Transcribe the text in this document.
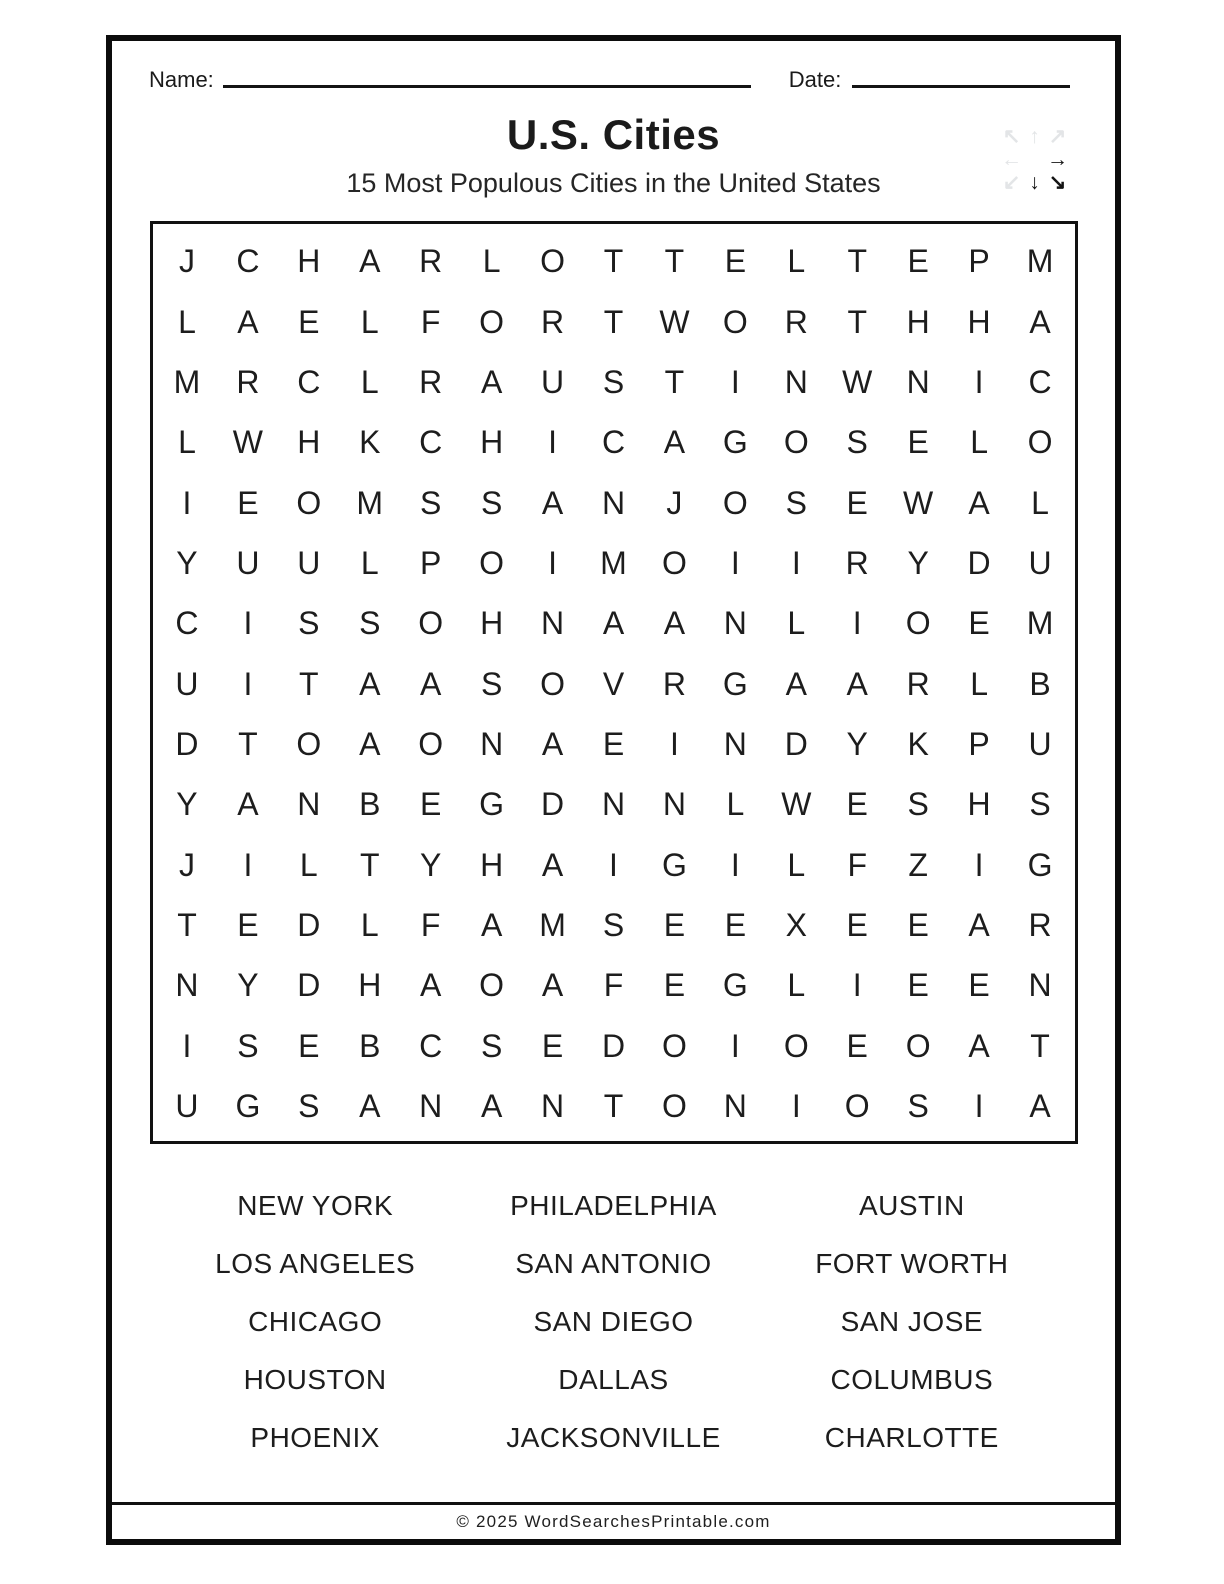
Name:	Date:
U.S. Cities
15 Most Populous Cities in the United States
↖ ↑ ↗
← →
↙ ↓ ↘
J	C	H	A	R	L	O	T	T	E	L	T	E	P	M
L	A	E	L	F	O	R	T	W	O	R	T	H	H	A
M	R	C	L	R	A	U	S	T	I	N	W	N	I	C
L	W	H	K	C	H	I	C	A	G	O	S	E	L	O
I	E	O	M	S	S	A	N	J	O	S	E	W	A	L
Y	U	U	L	P	O	I	M	O	I	I	R	Y	D	U
C	I	S	S	O	H	N	A	A	N	L	I	O	E	M
U	I	T	A	A	S	O	V	R	G	A	A	R	L	B
D	T	O	A	O	N	A	E	I	N	D	Y	K	P	U
Y	A	N	B	E	G	D	N	N	L	W	E	S	H	S
J	I	L	T	Y	H	A	I	G	I	L	F	Z	I	G
T	E	D	L	F	A	M	S	E	E	X	E	E	A	R
N	Y	D	H	A	O	A	F	E	G	L	I	E	E	N
I	S	E	B	C	S	E	D	O	I	O	E	O	A	T
U	G	S	A	N	A	N	T	O	N	I	O	S	I	A
NEW YORK
LOS ANGELES
CHICAGO
HOUSTON
PHOENIX
PHILADELPHIA
SAN ANTONIO
SAN DIEGO
DALLAS
JACKSONVILLE
AUSTIN
FORT WORTH
SAN JOSE
COLUMBUS
CHARLOTTE
© 2025 WordSearchesPrintable.com
